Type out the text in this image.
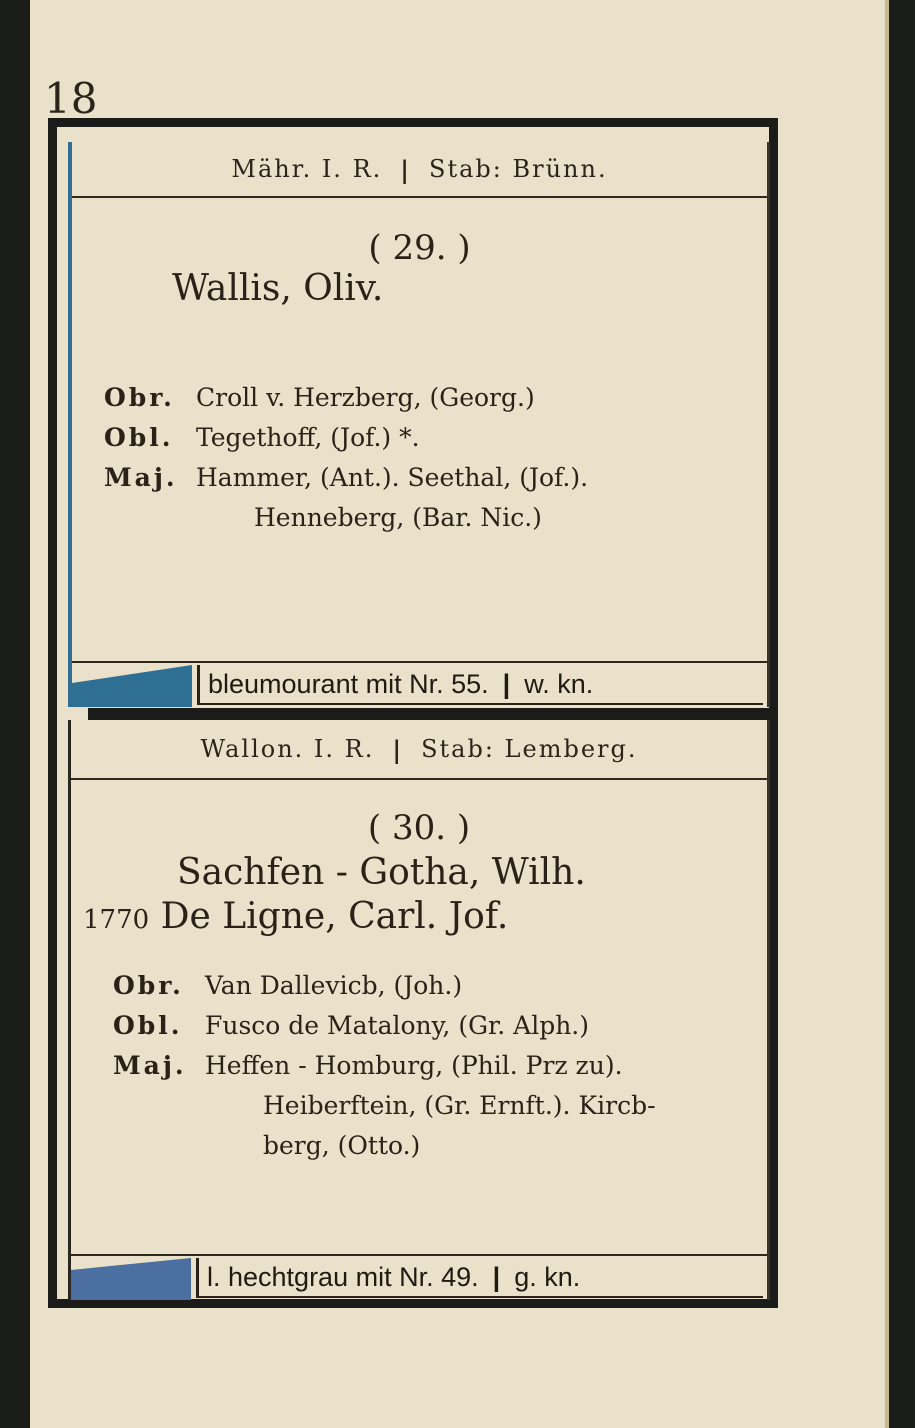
18
Mähr. I. R. | Stab: Brünn.
( 29. )
Wallis, Oliv.
Obr. Croll v. Herzberg, (Georg.)
Obl. Tegethoff, (Jof.) *.
Maj. Hammer, (Ant.). Seethal, (Jof.).
Henneberg, (Bar. Nic.)
bleumourant mit Nr. 55. | w. kn.
Wallon. I. R. | Stab: Lemberg.
( 30. )
Sachfen - Gotha, Wilh.
1770 De Ligne, Carl. Jof.
Obr. Van Dallevicb, (Joh.)
Obl. Fusco de Matalony, (Gr. Alph.)
Maj. Heffen - Homburg, (Phil. Prz zu).
Heiberftein, (Gr. Ernft.). Kircb-
berg, (Otto.)
l. hechtgrau mit Nr. 49. | g. kn.
